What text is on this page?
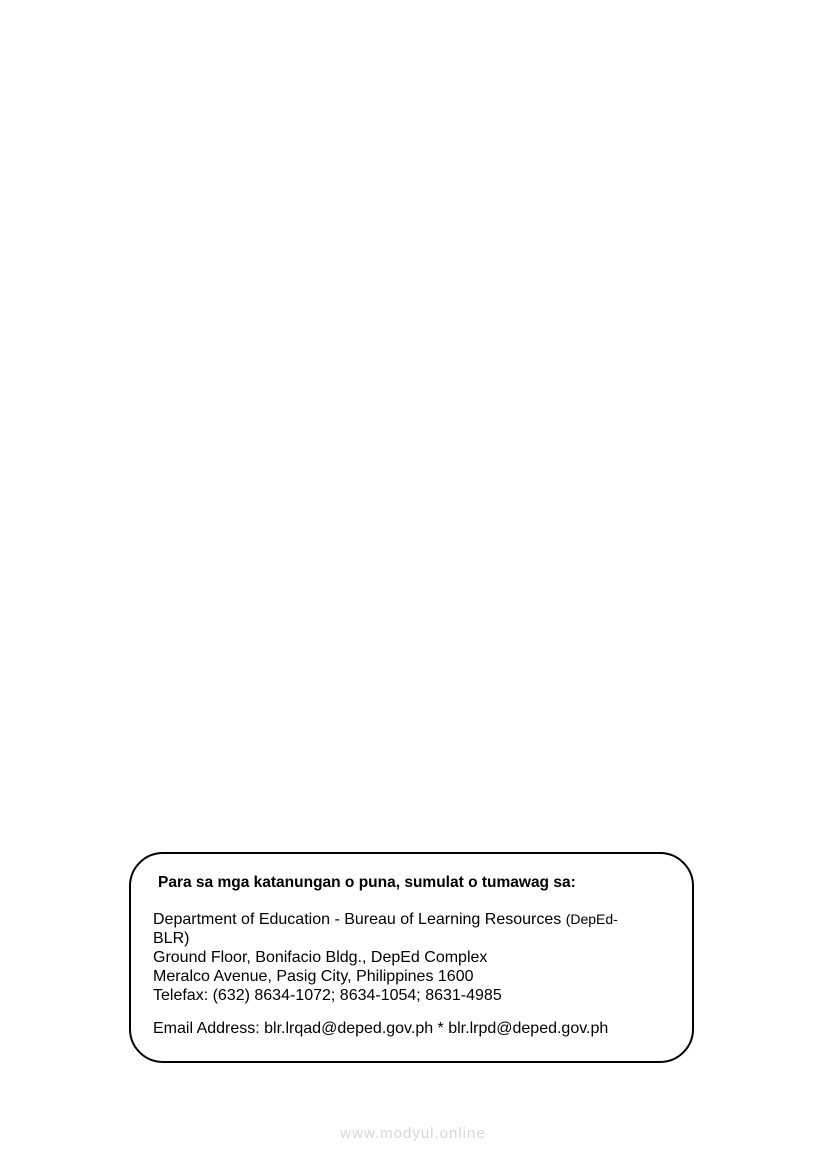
Para sa mga katanungan o puna, sumulat o tumawag sa:
Department of Education - Bureau of Learning Resources (DepEd-
BLR)
Ground Floor, Bonifacio Bldg., DepEd Complex
Meralco Avenue, Pasig City, Philippines 1600
Telefax: (632) 8634-1072; 8634-1054; 8631-4985
Email Address: blr.lrqad@deped.gov.ph * blr.lrpd@deped.gov.ph
www.modyul.online
